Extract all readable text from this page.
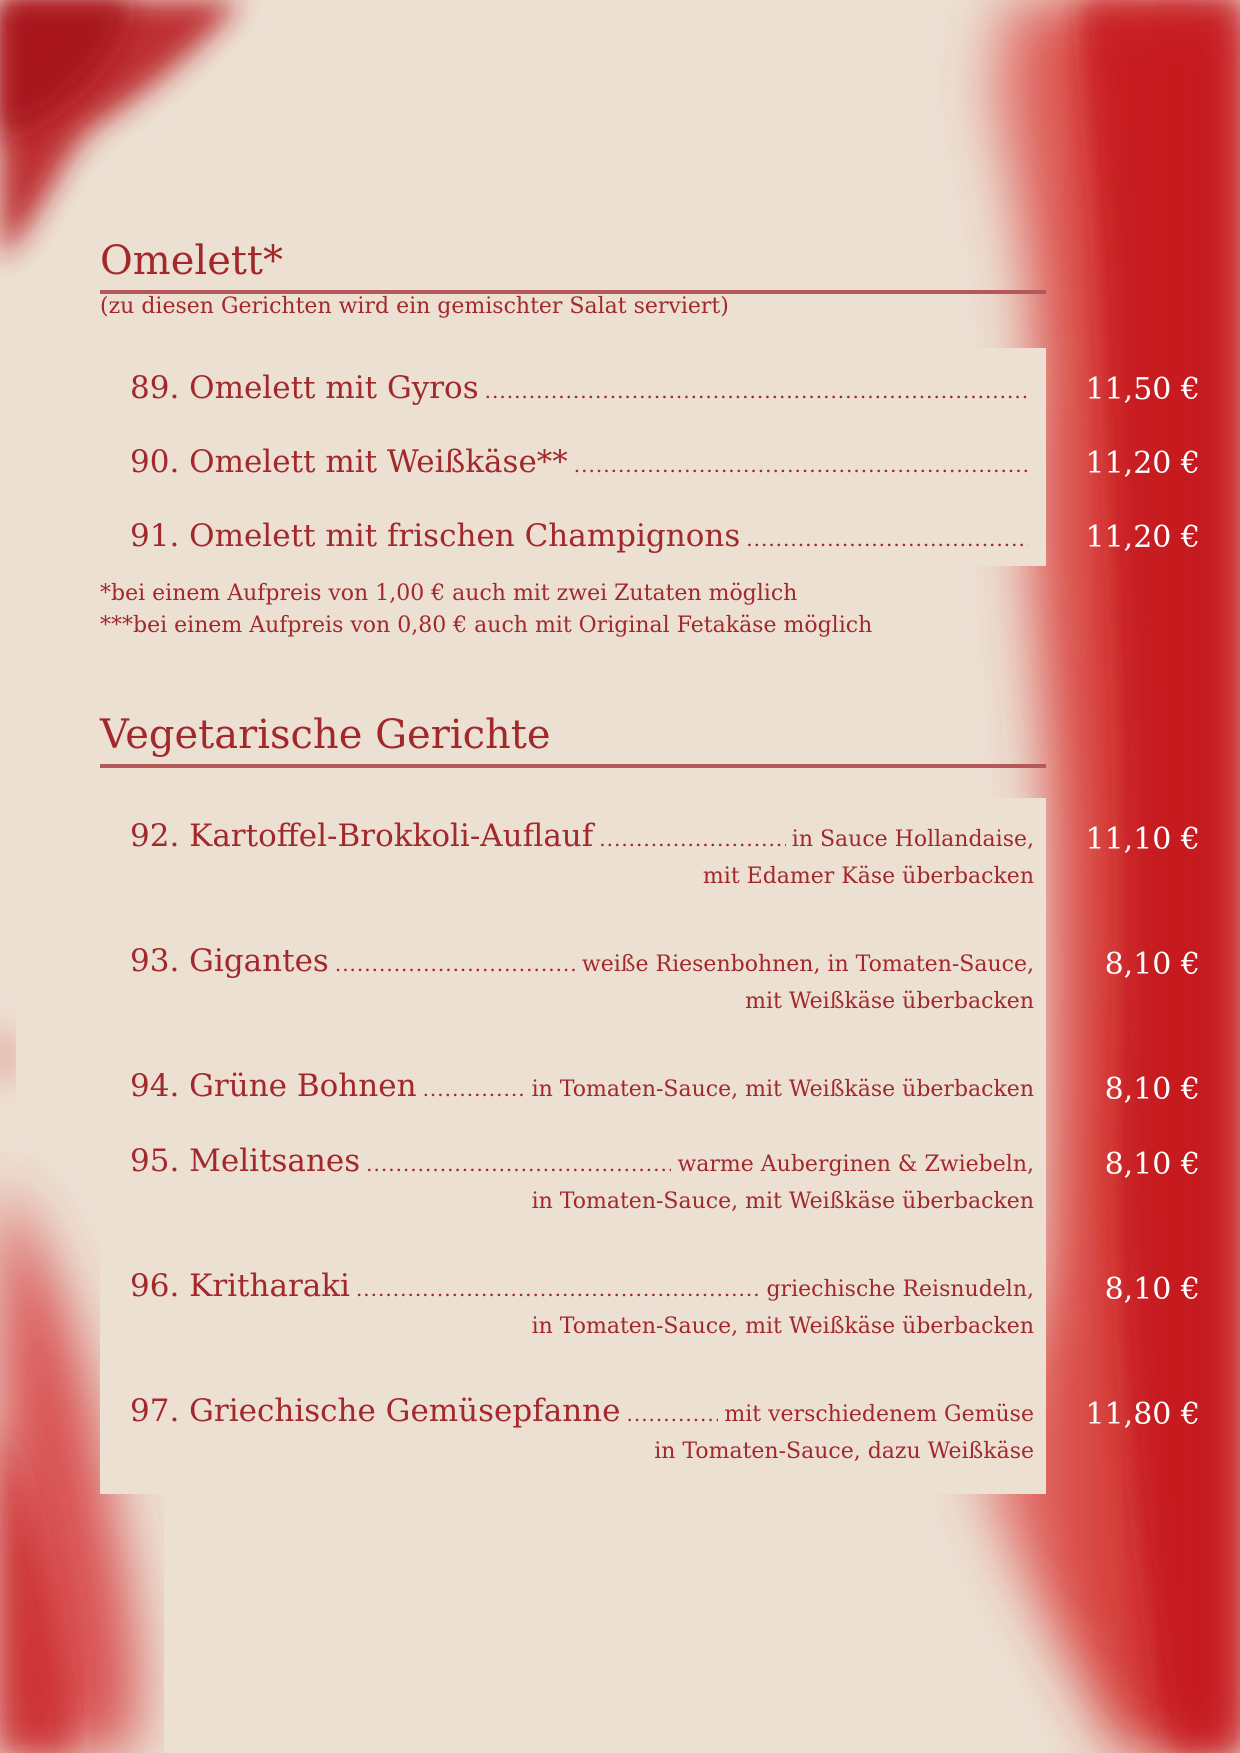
Omelett*
(zu diesen Gerichten wird ein gemischter Salat serviert)
89. Omelett mit Gyros .....	11,50 €
90. Omelett mit Weißkäse** .....	11,20 €
91. Omelett mit frischen Champignons .....	11,20 €
*bei einem Aufpreis von 1,00 € auch mit zwei Zutaten möglich
***bei einem Aufpreis von 0,80 € auch mit Original Fetakäse möglich
Vegetarische Gerichte
92. Kartoffel-Brokkoli-Auflauf .....	in Sauce Hollandaise,
mit Edamer Käse überbacken
11,10 €
93. Gigantes .....	weiße Riesenbohnen, in Tomaten-Sauce,
mit Weißkäse überbacken
8,10 €
94. Grüne Bohnen .....	in Tomaten-Sauce, mit Weißkäse überbacken	8,10 €
95. Melitsanes .....	warme Auberginen & Zwiebeln,
in Tomaten-Sauce, mit Weißkäse überbacken
8,10 €
96. Kritharaki .....	griechische Reisnudeln,
in Tomaten-Sauce, mit Weißkäse überbacken
8,10 €
97. Griechische Gemüsepfanne .....	mit verschiedenem Gemüse
in Tomaten-Sauce, dazu Weißkäse
11,80 €
